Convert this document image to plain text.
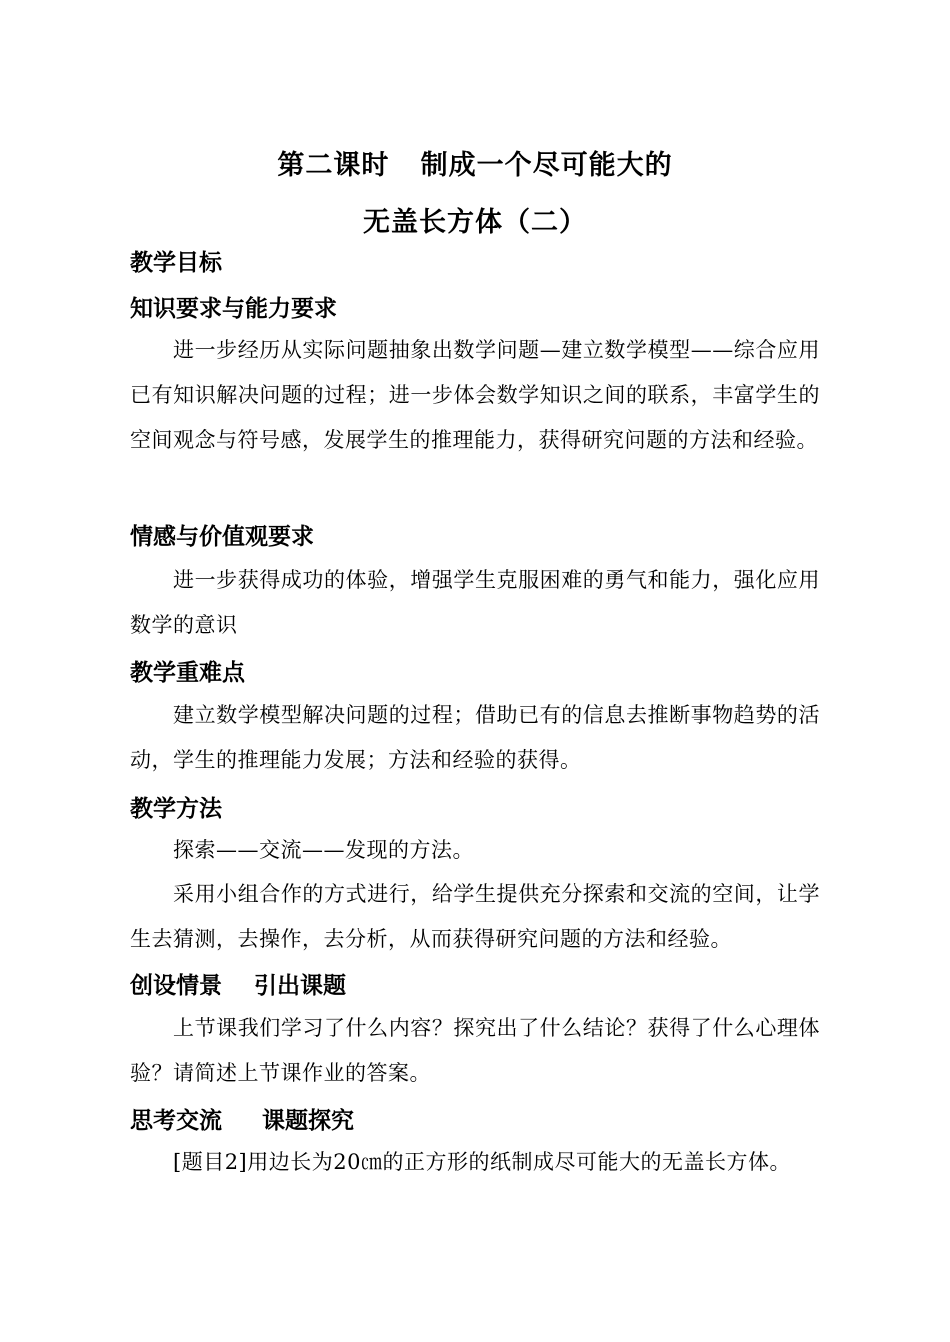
第二课时   制成一个尽可能大的
无盖长方体（二）
教学目标
知识要求与能力要求
进一步经历从实际问题抽象出数学问题—建立数学模型——综合应用已有知识解决问题的过程；进一步体会数学知识之间的联系，丰富学生的空间观念与符号感，发展学生的推理能力，获得研究问题的方法和经验。
情感与价值观要求
进一步获得成功的体验，增强学生克服困难的勇气和能力，强化应用数学的意识
教学重难点
建立数学模型解决问题的过程；借助已有的信息去推断事物趋势的活动，学生的推理能力发展；方法和经验的获得。
教学方法
探索——交流——发现的方法。
采用小组合作的方式进行，给学生提供充分探索和交流的空间，让学生去猜测，去操作，去分析，从而获得研究问题的方法和经验。
创设情景    引出课题
上节课我们学习了什么内容？探究出了什么结论？获得了什么心理体验？请简述上节课作业的答案。
思考交流     课题探究
[题目2]用边长为20㎝的正方形的纸制成尽可能大的无盖长方体。
